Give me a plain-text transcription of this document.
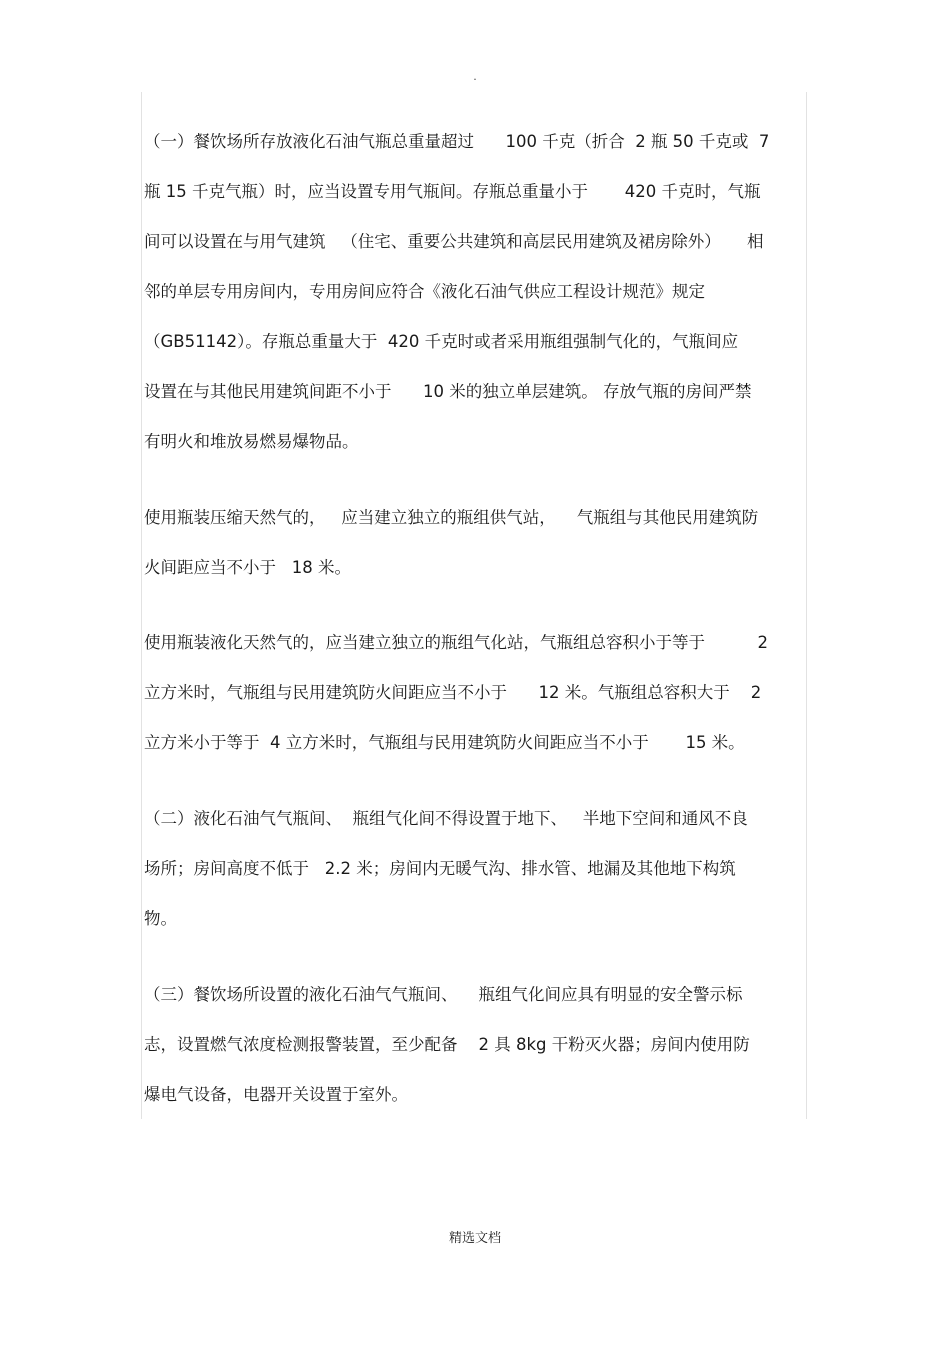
.
（一）餐饮场所存放液化石油气瓶总重量超过      100 千克（折合  2 瓶 50 千克或  7
瓶 15 千克气瓶）时，应当设置专用气瓶间。存瓶总重量小于       420 千克时，气瓶
间可以设置在与用气建筑   （住宅、重要公共建筑和高层民用建筑及裙房除外）     相
邻的单层专用房间内，专用房间应符合《液化石油气供应工程设计规范》规定
（GB51142）。存瓶总重量大于  420 千克时或者采用瓶组强制气化的，气瓶间应
设置在与其他民用建筑间距不小于      10 米的独立单层建筑。 存放气瓶的房间严禁
有明火和堆放易燃易爆物品。
使用瓶装压缩天然气的，   应当建立独立的瓶组供气站，    气瓶组与其他民用建筑防
火间距应当不小于   18 米。
使用瓶装液化天然气的，应当建立独立的瓶组气化站，气瓶组总容积小于等于          2
立方米时，气瓶组与民用建筑防火间距应当不小于      12 米。气瓶组总容积大于    2
立方米小于等于  4 立方米时，气瓶组与民用建筑防火间距应当不小于       15 米。
（二）液化石油气气瓶间、  瓶组气化间不得设置于地下、   半地下空间和通风不良
场所；房间高度不低于   2.2 米；房间内无暖气沟、排水管、地漏及其他地下构筑
物。
（三）餐饮场所设置的液化石油气气瓶间、    瓶组气化间应具有明显的安全警示标
志，设置燃气浓度检测报警装置，至少配备    2 具 8kg 干粉灭火器；房间内使用防
爆电气设备，电器开关设置于室外。
精选文档
